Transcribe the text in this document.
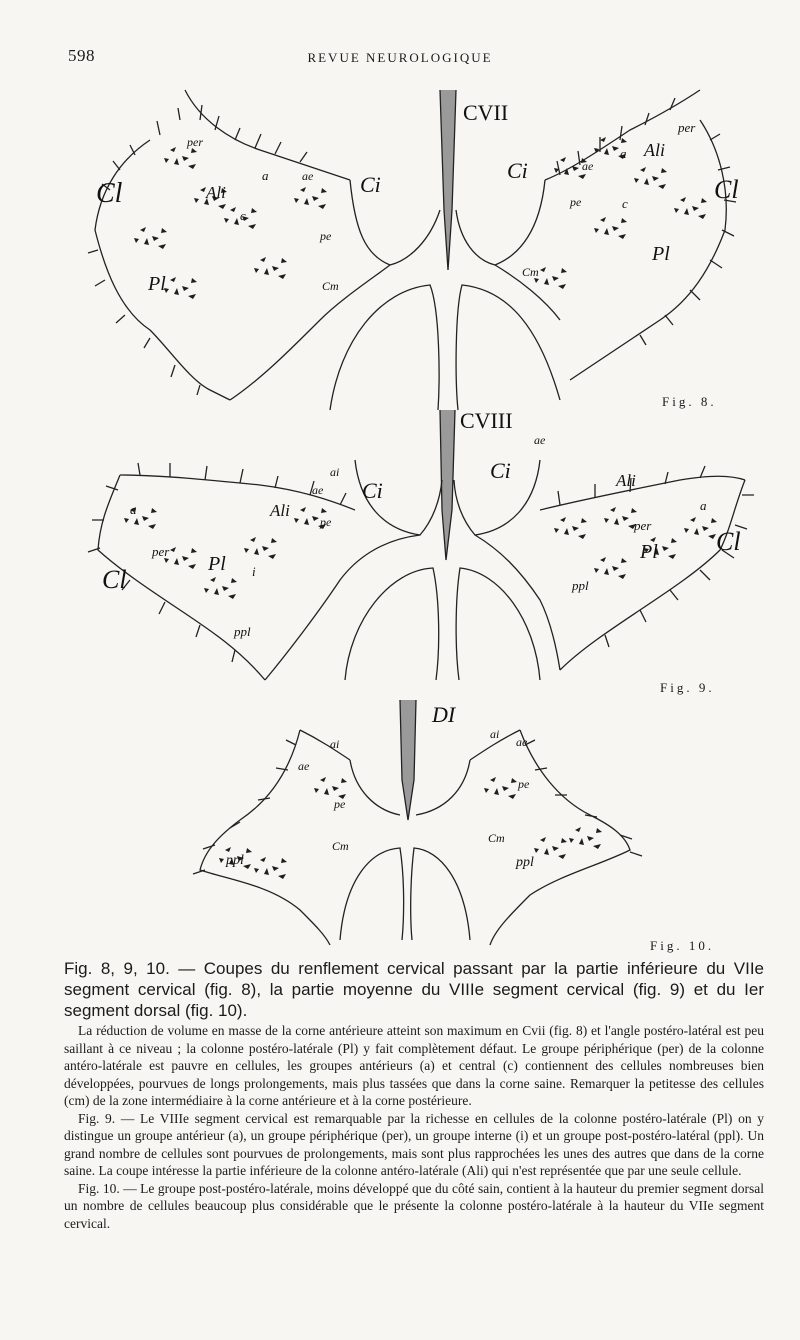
598	REVUE NEUROLOGIQUE
CVII
Cl	Cl
Ci
Ci
per
per
Ali
Ali
a
a
ae
ae
c
c
pe
pe
Pl
Pl
Cm
Cm
CVIII
Cl
Cl
Ci
Ci
Ali
Ali
a	a
ae
ae
ai
pe
per
per
Pl
Pl
ppl
ppl
i
DI
ai
ai
ae
ae
pe
pe
Cm
Cm
ppl	ppl
Fig. 8.
Fig. 9.
Fig. 10.
Fig. 8, 9, 10. — Coupes du renflement cervical passant par la partie inférieure du VIIe segment cervical (fig. 8), la partie moyenne du VIIIe segment cervical (fig. 9) et du Ier segment dorsal (fig. 10).

La réduction de volume en masse de la corne antérieure atteint son maximum en Cvii (fig. 8) et l'angle postéro-latéral est peu saillant à ce niveau ; la colonne postéro-latérale (Pl) y fait complètement défaut. Le groupe périphérique (per) de la colonne antéro-latérale est pauvre en cellules, les groupes antérieurs (a) et central (c) contiennent des cellules nombreuses bien développées, pourvues de longs prolongements, mais plus tassées que dans la corne saine. Remarquer la petitesse des cellules (cm) de la zone intermédiaire à la corne antérieure et à la corne postérieure.

Fig. 9. — Le VIIIe segment cervical est remarquable par la richesse en cellules de la colonne postéro-latérale (Pl) on y distingue un groupe antérieur (a), un groupe périphérique (per), un groupe interne (i) et un groupe post-postéro-latéral (ppl). Un grand nombre de cellules sont pourvues de prolongements, mais sont plus rapprochées les unes des autres que dans de la corne saine. La coupe intéresse la partie inférieure de la colonne antéro-latérale (Ali) qui n'est représentée que par une seule cellule.

Fig. 10. — Le groupe post-postéro-latérale, moins développé que du côté sain, contient à la hauteur du premier segment dorsal un nombre de cellules beaucoup plus considérable que le présente la colonne postéro-latérale à la hauteur du VIIe segment cervical.
